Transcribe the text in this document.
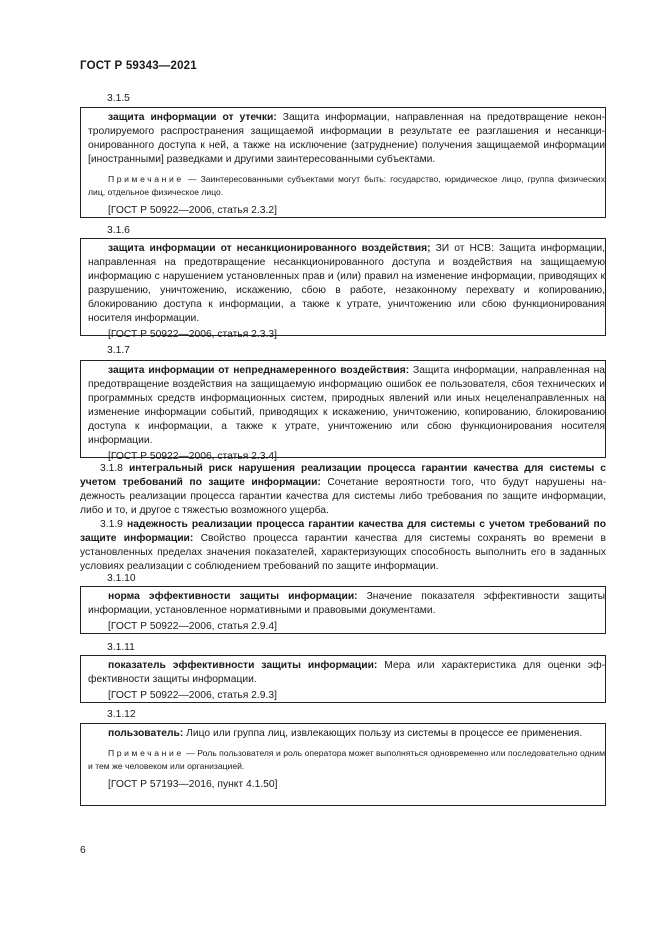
ГОСТ Р 59343—2021
3.1.5

защита информации от утечки: Защита информации, направленная на предотвращение неконтролируемого распространения защищаемой информации в результате ее разглашения и несанкционированного доступа к ней, а также на исключение (затруднение) получения защищаемой информации [иностранными] разведками и другими заинтересованными субъектами.

Примечание — Заинтересованными субъектами могут быть: государство, юридическое лицо, группа физических лиц, отдельное физическое лицо.

[ГОСТ Р 50922—2006, статья 2.3.2]

3.1.6

защита информации от несанкционированного воздействия; ЗИ от НСВ: Защита информации, направленная на предотвращение несанкционированного доступа и воздействия на защищаемую информацию с нарушением установленных прав и (или) правил на изменение информации, приводящих к разрушению, уничтожению, искажению, сбою в работе, незаконному перехвату и копированию, блокированию доступа к информации, а также к утрате, уничтожению или сбою функционирования носителя информации.

[ГОСТ Р 50922—2006, статья 2.3.3]

3.1.7

защита информации от непреднамеренного воздействия: Защита информации, направленная на предотвращение воздействия на защищаемую информацию ошибок ее пользователя, сбоя технических и программных средств информационных систем, природных явлений или иных нецеленаправленных на изменение информации событий, приводящих к искажению, уничтожению, копированию, блокированию доступа к информации, а также к утрате, уничтожению или сбою функционирования носителя информации.

[ГОСТ Р 50922—2006, статья 2.3.4]

3.1.8 интегральный риск нарушения реализации процесса гарантии качества для системы с учетом требований по защите информации: Сочетание вероятности того, что будут нарушены надежность реализации процесса гарантии качества для системы либо требования по защите информации, либо и то, и другое с тяжестью возможного ущерба.

3.1.9 надежность реализации процесса гарантии качества для системы с учетом требований по защите информации: Свойство процесса гарантии качества для системы сохранять во времени в установленных пределах значения показателей, характеризующих способность выполнить его в заданных условиях реализации с соблюдением требований по защите информации.

3.1.10

норма эффективности защиты информации: Значение показателя эффективности защиты информации, установленное нормативными и правовыми документами.

[ГОСТ Р 50922—2006, статья 2.9.4]

3.1.11

показатель эффективности защиты информации: Мера или характеристика для оценки эффективности защиты информации.

[ГОСТ Р 50922—2006, статья 2.9.3]

3.1.12

пользователь: Лицо или группа лиц, извлекающих пользу из системы в процессе ее применения.

Примечание — Роль пользователя и роль оператора может выполняться одновременно или последовательно одним и тем же человеком или организацией.

[ГОСТ Р 57193—2016, пункт 4.1.50]

6
